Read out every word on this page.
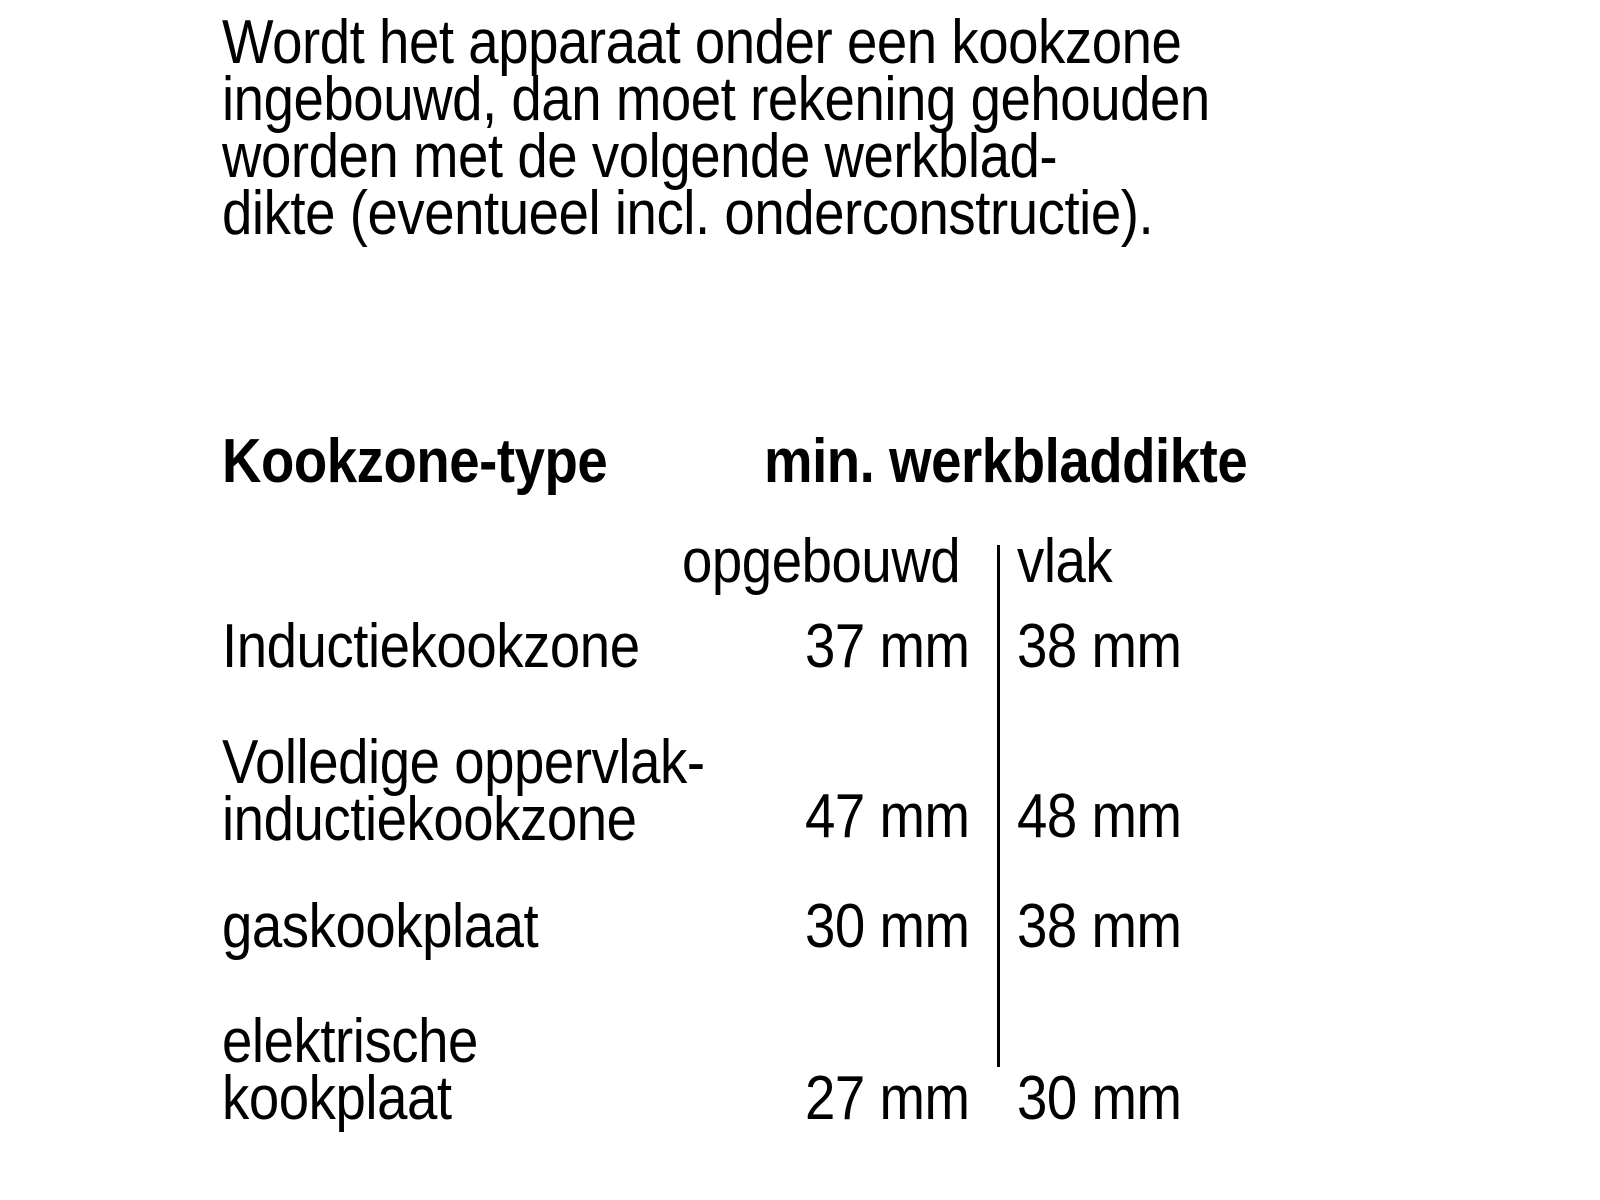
Wordt het apparaat onder een kookzone
ingebouwd, dan moet rekening gehouden
worden met de volgende werkblad-
dikte (eventueel incl. onderconstructie).
Kookzone-type	min. werkbladdikte
opgebouwd vlak
Inductiekookzone	37 mm 38 mm
Volledige oppervlak-
inductiekookzone	47 mm 48 mm
gaskookplaat	30 mm 38 mm
elektrische
kookplaat	27 mm 30 mm
